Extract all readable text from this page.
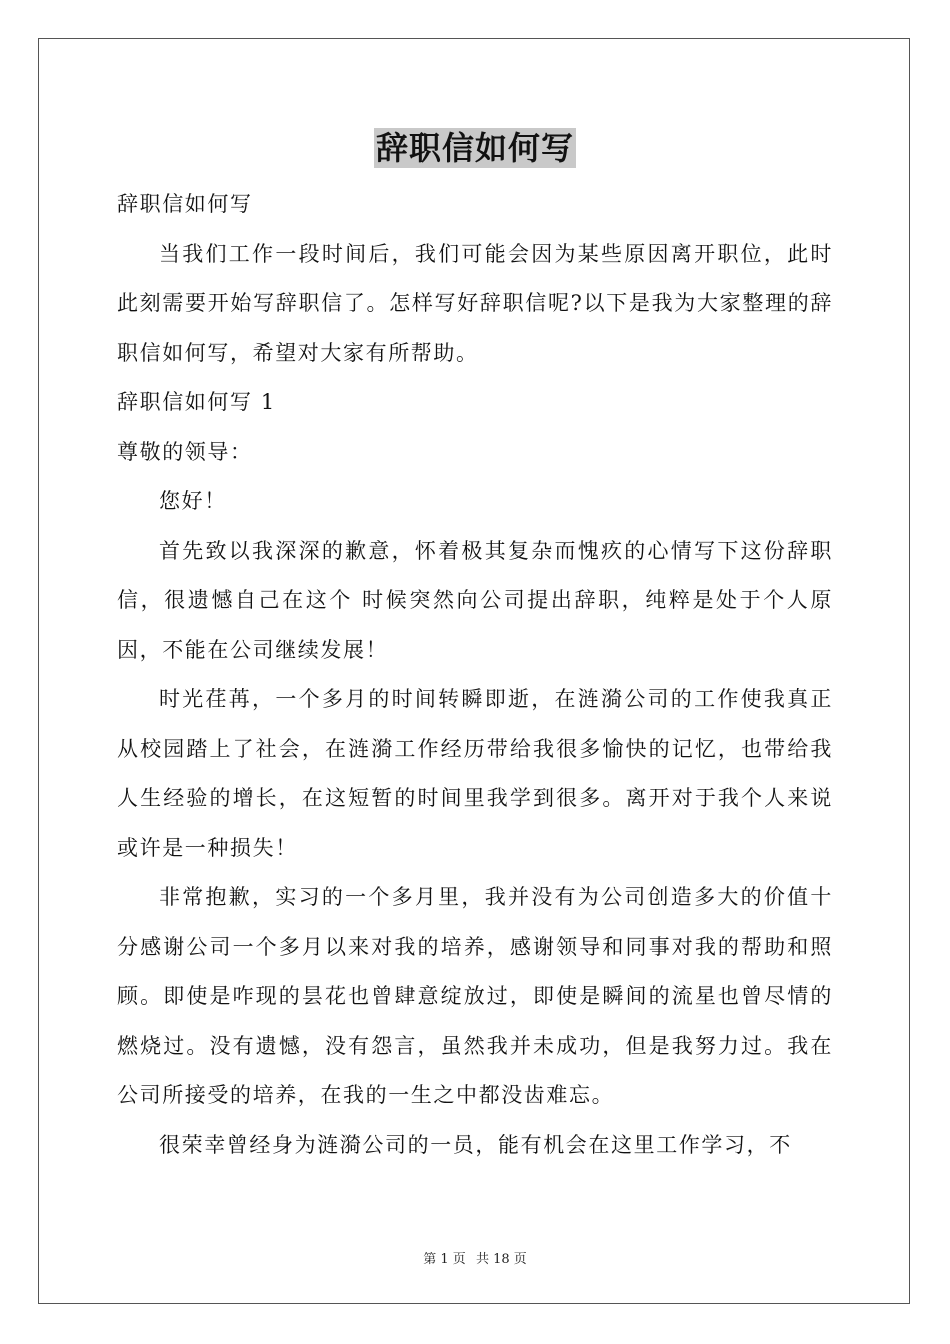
辞职信如何写

辞职信如何写

当我们工作一段时间后，我们可能会因为某些原因离开职位，此时此刻需要开始写辞职信了。怎样写好辞职信呢?以下是我为大家整理的辞职信如何写，希望对大家有所帮助。

辞职信如何写 1

尊敬的领导：

您好！

首先致以我深深的歉意，怀着极其复杂而愧疚的心情写下这份辞职信，很遗憾自己在这个 时候突然向公司提出辞职，纯粹是处于个人原因，不能在公司继续发展！

时光荏苒，一个多月的时间转瞬即逝，在涟漪公司的工作使我真正从校园踏上了社会，在涟漪工作经历带给我很多愉快的记忆，也带给我人生经验的增长，在这短暂的时间里我学到很多。离开对于我个人来说或许是一种损失！

非常抱歉，实习的一个多月里，我并没有为公司创造多大的价值十分感谢公司一个多月以来对我的培养，感谢领导和同事对我的帮助和照顾。即使是咋现的昙花也曾肆意绽放过，即使是瞬间的流星也曾尽情的燃烧过。没有遗憾，没有怨言，虽然我并未成功，但是我努力过。我在公司所接受的培养，在我的一生之中都没齿难忘。

很荣幸曾经身为涟漪公司的一员，能有机会在这里工作学习，不

第 1 页 共 18 页
